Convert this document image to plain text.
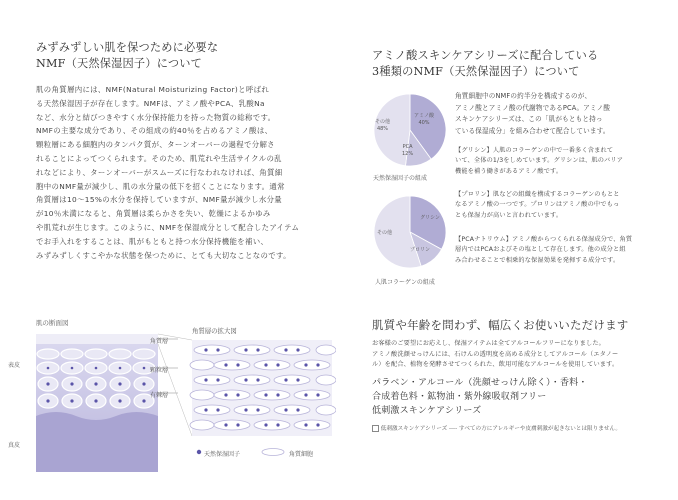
みずみずしい肌を保つために必要な
NMF（天然保湿因子）について
肌の角質層内には、NMF(Natural Moisturizing Factor)と呼ばれ
る天然保湿因子が存在します。NMFは、アミノ酸やPCA、乳酸Na
など、水分と結びつきやすく水分保持能力を持った物質の総称です。
NMFの主要な成分であり、その組成の約40％を占めるアミノ酸は、
顆粒層にある細胞内のタンパク質が、ターンオーバーの過程で分解さ
れることによってつくられます。そのため、肌荒れや生活サイクルの乱
れなどにより、ターンオーバーがスムーズに行なわれなければ、角質細
胞中のNMF量が減少し、肌の水分量の低下を招くことになります。通常
角質層は10～15%の水分を保持していますが、NMF量が減少し水分量
が10％未満になると、角質層は柔らかさを失い、乾燥によるかゆみ
や肌荒れが生じます。このように、NMFを保湿成分として配合したアイテム
でお手入れをすることは、肌がもともと持つ水分保持機能を補い、
みずみずしくすこやかな状態を保つために、とても大切なことなのです。
肌の断面図
表皮
真皮
角質層
顆粒層
有棘層
角質層の拡大図
天然保湿因子	角質細胞
アミノ酸スキンケアシリーズに配合している
3種類のNMF（天然保湿因子）について
天然保湿因子の組成
アミノ酸
40%
PCA
12%
その他
48%
人肌コラーゲンの組成
グリシン
プロリン
その他
角質細胞中のNMFの約半分を構成するのが、
アミノ酸とアミノ酸の代謝物であるPCA。アミノ酸
スキンケアシリーズは、この「肌がもともと持っ
ている保湿成分」を組み合わせて配合しています。
【グリシン】人肌のコラーゲンの中で一番多く含まれて
いて、全体の1/3をしめています。グリシンは、肌のバリア
機能を補う働きがあるアミノ酸です。
【プロリン】肌などの組織を構成するコラーゲンのもとと
なるアミノ酸の一つです。プロリンはアミノ酸の中でもっ
とも保湿力が高いと言われています。
【PCAナトリウム】アミノ酸からつくられる保湿成分で、角質
層内ではPCAおよびその塩として存在します。他の成分と組
み合わせることで相乗的な保湿効果を発揮する成分です。
肌質や年齢を問わず、幅広くお使いいただけます
お客様のご要望にお応えし、保湿アイテムは全てアルコールフリーになりました。
アミノ酸洗顔せっけんには、石けんの透明度を高める成分としてアルコール（エタノー
ル）を配合、植物を発酵させてつくられた、飲用可能なアルコールを使用しています。
パラベン・アルコール（洗顔せっけん除く）・香料・
合成着色料・鉱物油・紫外線吸収剤フリー
低刺激スキンケアシリーズ
低刺激スキンケアシリーズ ---- すべての方にアレルギーや皮膚刺激が起きないとは限りません。
